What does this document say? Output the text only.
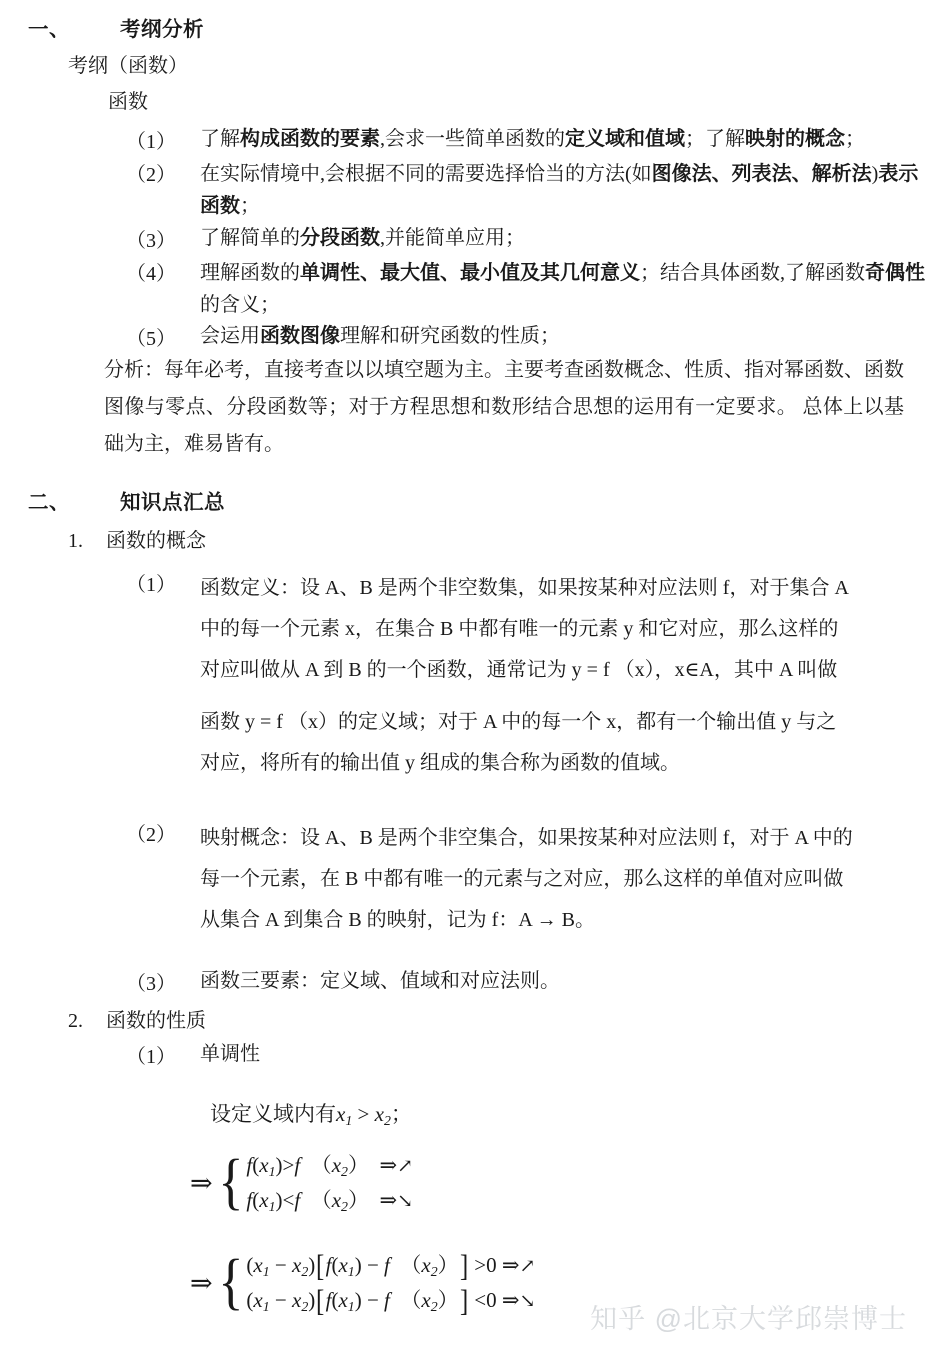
一、	考纲分析
考纲（函数）
函数
（1）	了解构成函数的要素,会求一些简单函数的定义域和值域；了解映射的概念；
（2）	在实际情境中,会根据不同的需要选择恰当的方法(如图像法、列表法、解析法)表示函数；
（3）	了解简单的分段函数,并能简单应用；
（4）	理解函数的单调性、最大值、最小值及其几何意义；结合具体函数,了解函数奇偶性的含义；
（5）	会运用函数图像理解和研究函数的性质；
分析：每年必考，直接考查以以填空题为主。主要考查函数概念、性质、指对幂函数、函数图像与零点、分段函数等；对于方程思想和数形结合思想的运用有一定要求。 总体上以基础为主，难易皆有。
二、	知识点汇总
1.	函数的概念
（1）	函数定义：设 A、B 是两个非空数集，如果按某种对应法则 f，对于集合 A
中的每一个元素 x，在集合 B 中都有唯一的元素 y 和它对应，那么这样的
对应叫做从 A 到 B 的一个函数，通常记为 y = f （x），x∈A，其中 A 叫做
函数 y = f （x）的定义域；对于 A 中的每一个 x，都有一个输出值 y 与之
对应，将所有的输出值 y 组成的集合称为函数的值域。
（2）	映射概念：设 A、B 是两个非空集合，如果按某种对应法则 f，对于 A 中的
每一个元素，在 B 中都有唯一的元素与之对应，那么这样的单值对应叫做
从集合 A 到集合 B 的映射，记为 f：A → B。
（3）	函数三要素：定义域、值域和对应法则。
2.	函数的性质
（1）	单调性
设定义域内有$x_1 > x_2$；
⇒ { $f(x_1)>f$  $(x_2)$  ⇒↗
$f(x_1)<f$  $(x_2)$  ⇒↘
⇒ { $(x_1 - x_2)[f(x_1) - f$  $(x_2)] >0$ ⇒↗
$(x_1 - x_2)[f(x_1) - f$  $(x_2)] <0$ ⇒↘
知乎 @北京大学邱崇博士
